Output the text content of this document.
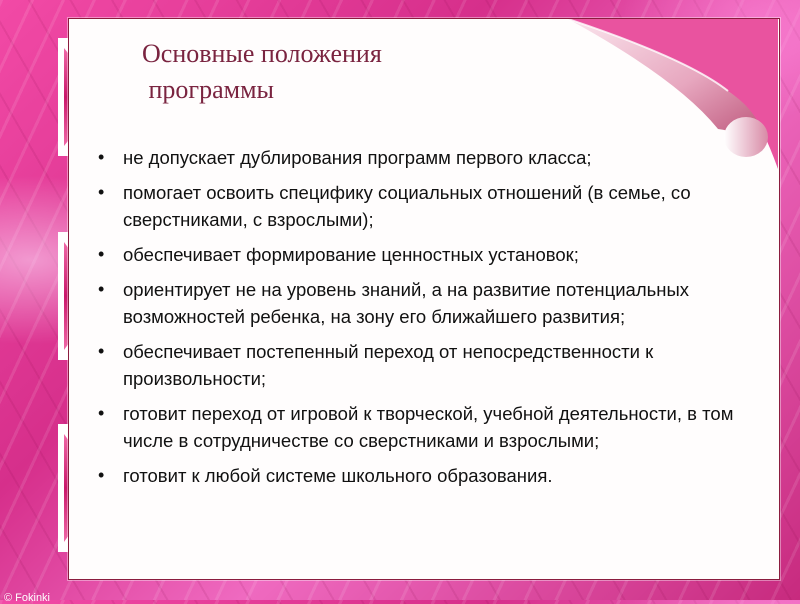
Основные положения
программы
• не допускает дублирования программ первого класса;
• помогает освоить специфику социальных отношений (в семье, со сверстниками, с взрослыми);
• обеспечивает формирование ценностных установок;
• ориентирует не на уровень знаний, а на развитие потенциальных возможностей ребенка, на зону его ближайшего развития;
• обеспечивает постепенный переход от непосредственности к произвольности;
• готовит переход от игровой к творческой, учебной деятельности, в том числе в сотрудничестве со сверстниками и взрослыми;
• готовит к любой системе школьного образования.
© Fokinki
